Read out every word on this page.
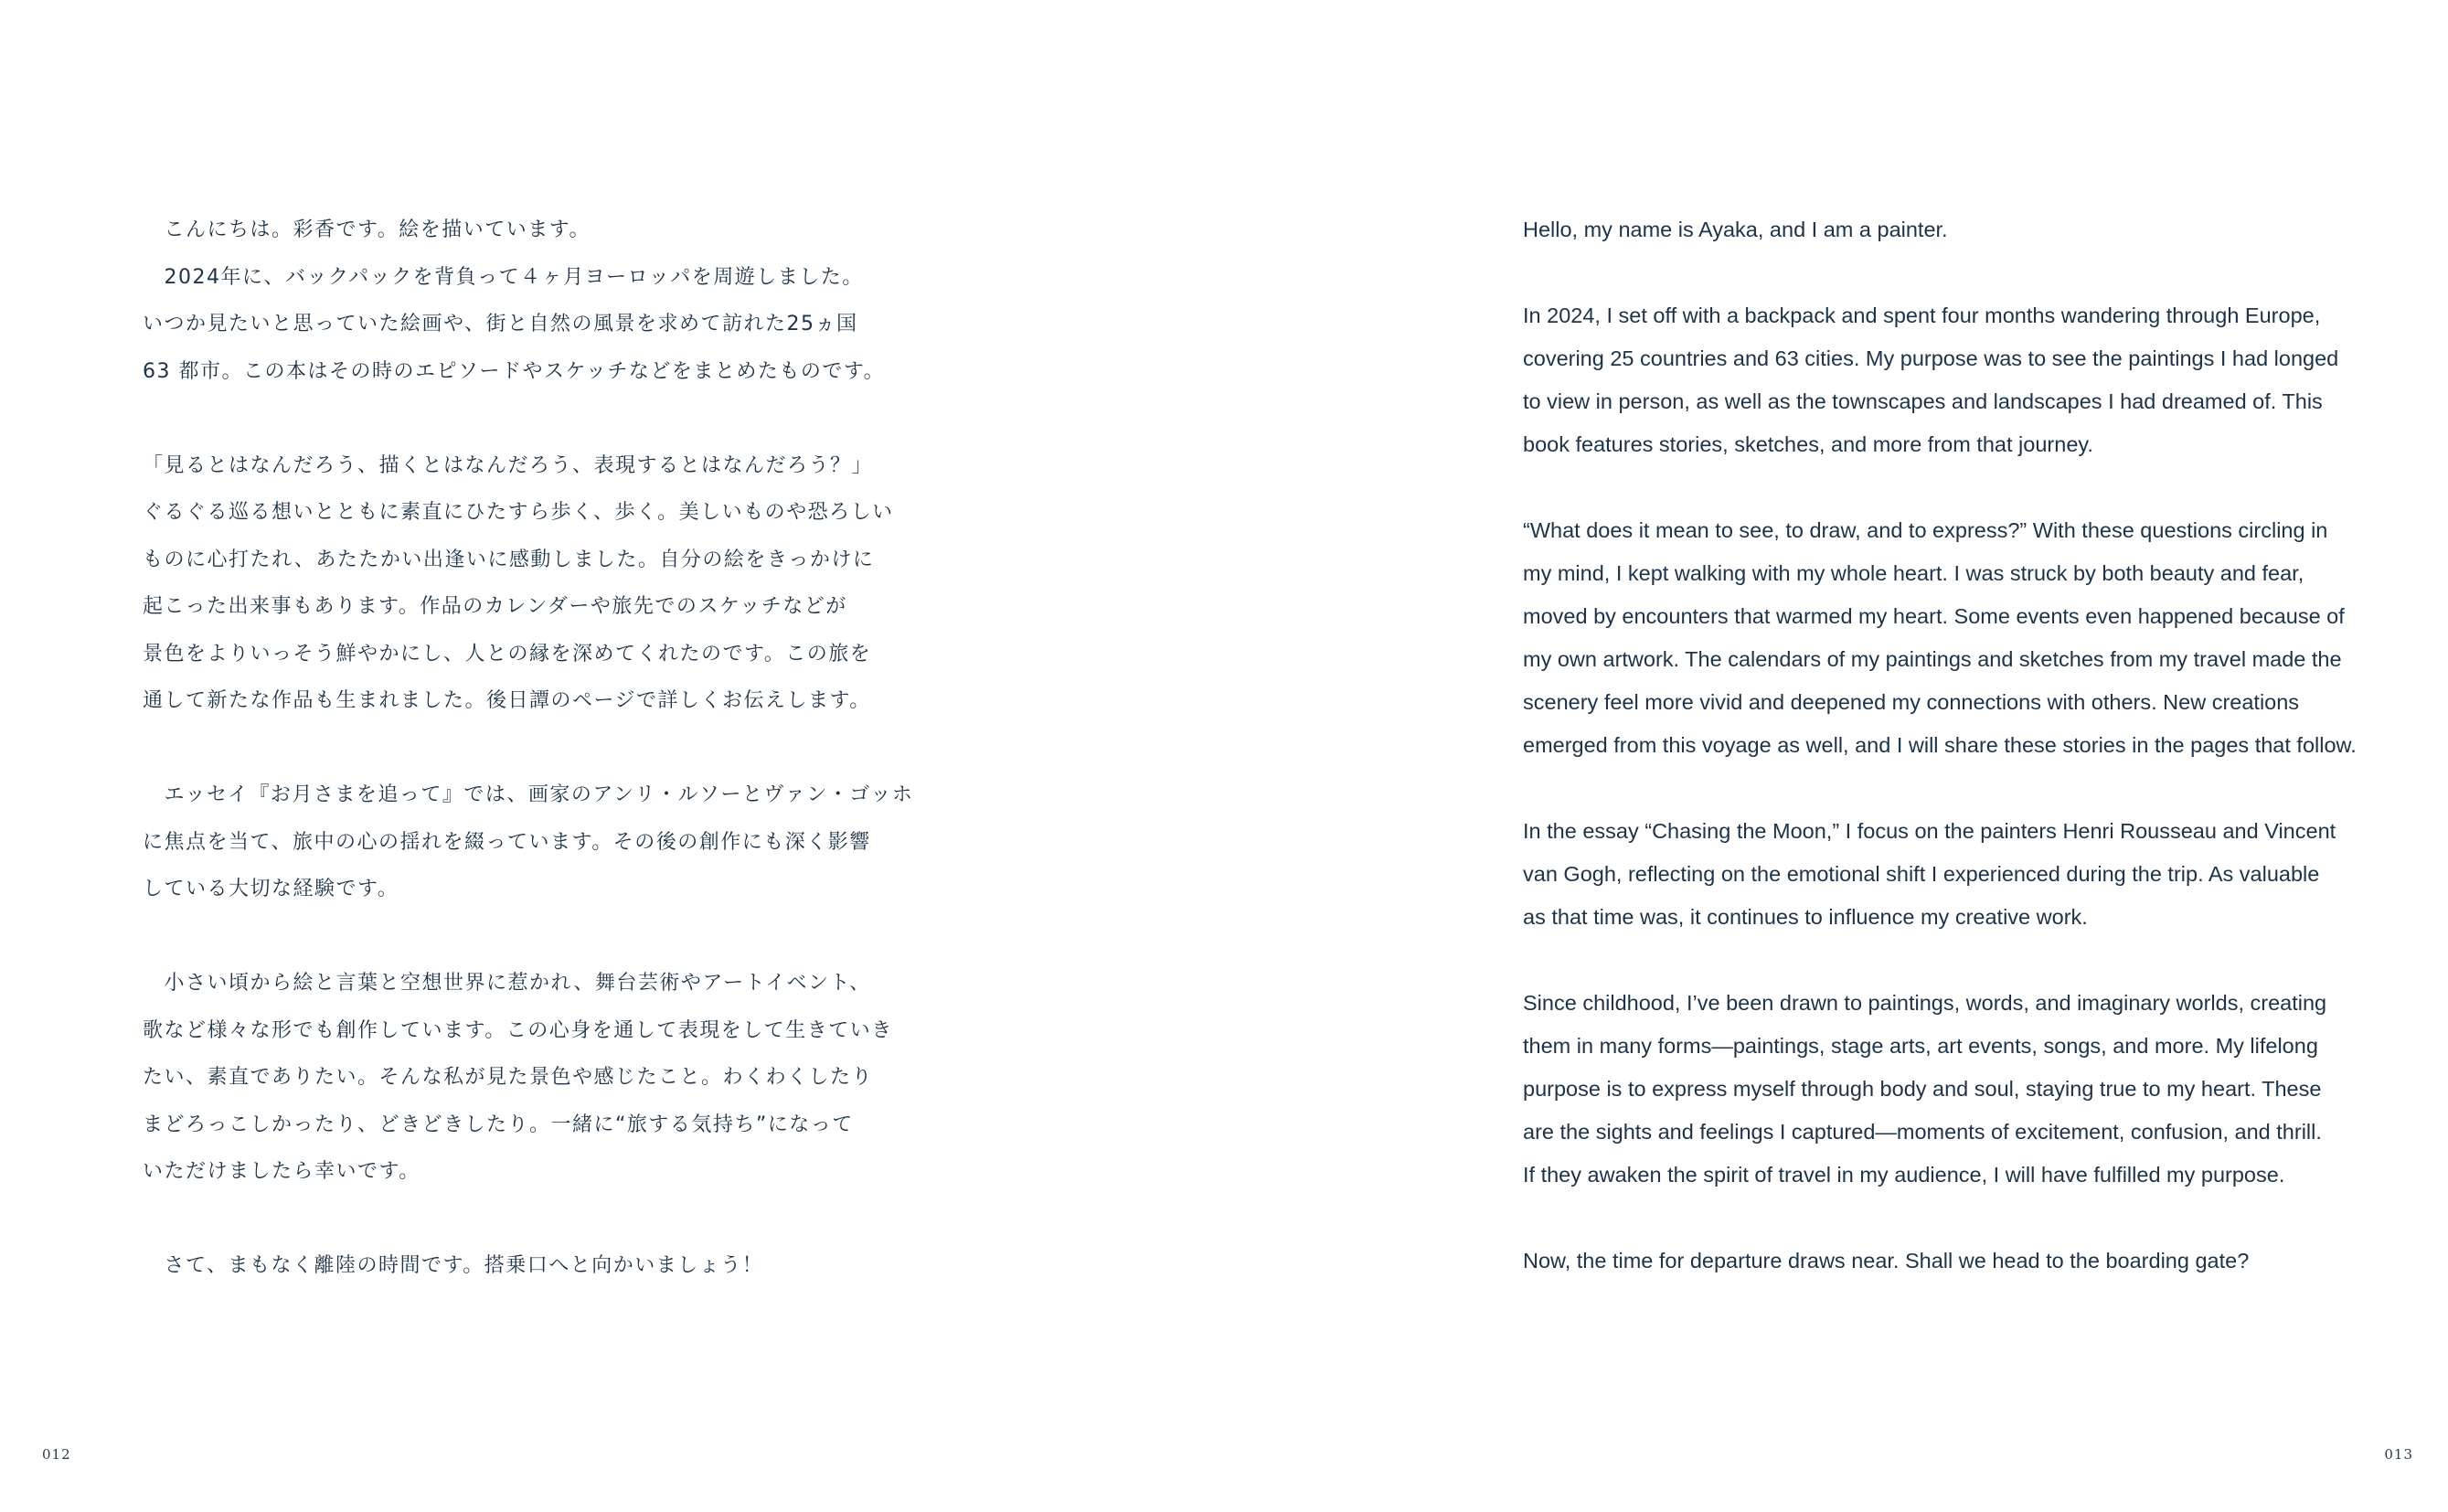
　こんにちは。彩香です。絵を描いています。
　2024年に、バックパックを背負って４ヶ月ヨーロッパを周遊しました。
いつか見たいと思っていた絵画や、街と自然の風景を求めて訪れた25ヵ国
63 都市。この本はその時のエピソードやスケッチなどをまとめたものです。

「見るとはなんだろう、描くとはなんだろう、表現するとはなんだろう？」
ぐるぐる巡る想いとともに素直にひたすら歩く、歩く。美しいものや恐ろしい
ものに心打たれ、あたたかい出逢いに感動しました。自分の絵をきっかけに
起こった出来事もあります。作品のカレンダーや旅先でのスケッチなどが
景色をよりいっそう鮮やかにし、人との縁を深めてくれたのです。この旅を
通して新たな作品も生まれました。後日譚のページで詳しくお伝えします。

　エッセイ『お月さまを追って』では、画家のアンリ・ルソーとヴァン・ゴッホ
に焦点を当て、旅中の心の揺れを綴っています。その後の創作にも深く影響
している大切な経験です。

　小さい頃から絵と言葉と空想世界に惹かれ、舞台芸術やアートイベント、
歌など様々な形でも創作しています。この心身を通して表現をして生きていき
たい、素直でありたい。そんな私が見た景色や感じたこと。わくわくしたり
まどろっこしかったり、どきどきしたり。一緒に“旅する気持ち”になって
いただけましたら幸いです。

　さて、まもなく離陸の時間です。搭乗口へと向かいましょう！

012

Hello, my name is Ayaka, and I am a painter.

In 2024, I set off with a backpack and spent four months wandering through Europe,
covering 25 countries and 63 cities. My purpose was to see the paintings I had longed
to view in person, as well as the townscapes and landscapes I had dreamed of. This
book features stories, sketches, and more from that journey.

“What does it mean to see, to draw, and to express?” With these questions circling in
my mind, I kept walking with my whole heart. I was struck by both beauty and fear,
moved by encounters that warmed my heart. Some events even happened because of
my own artwork. The calendars of my paintings and sketches from my travel made the
scenery feel more vivid and deepened my connections with others. New creations
emerged from this voyage as well, and I will share these stories in the pages that follow.

In the essay “Chasing the Moon,” I focus on the painters Henri Rousseau and Vincent
van Gogh, reflecting on the emotional shift I experienced during the trip. As valuable
as that time was, it continues to influence my creative work.

Since childhood, I’ve been drawn to paintings, words, and imaginary worlds, creating
them in many forms—paintings, stage arts, art events, songs, and more. My lifelong
purpose is to express myself through body and soul, staying true to my heart. These
are the sights and feelings I captured—moments of excitement, confusion, and thrill.
If they awaken the spirit of travel in my audience, I will have fulfilled my purpose.

Now, the time for departure draws near. Shall we head to the boarding gate?

013
